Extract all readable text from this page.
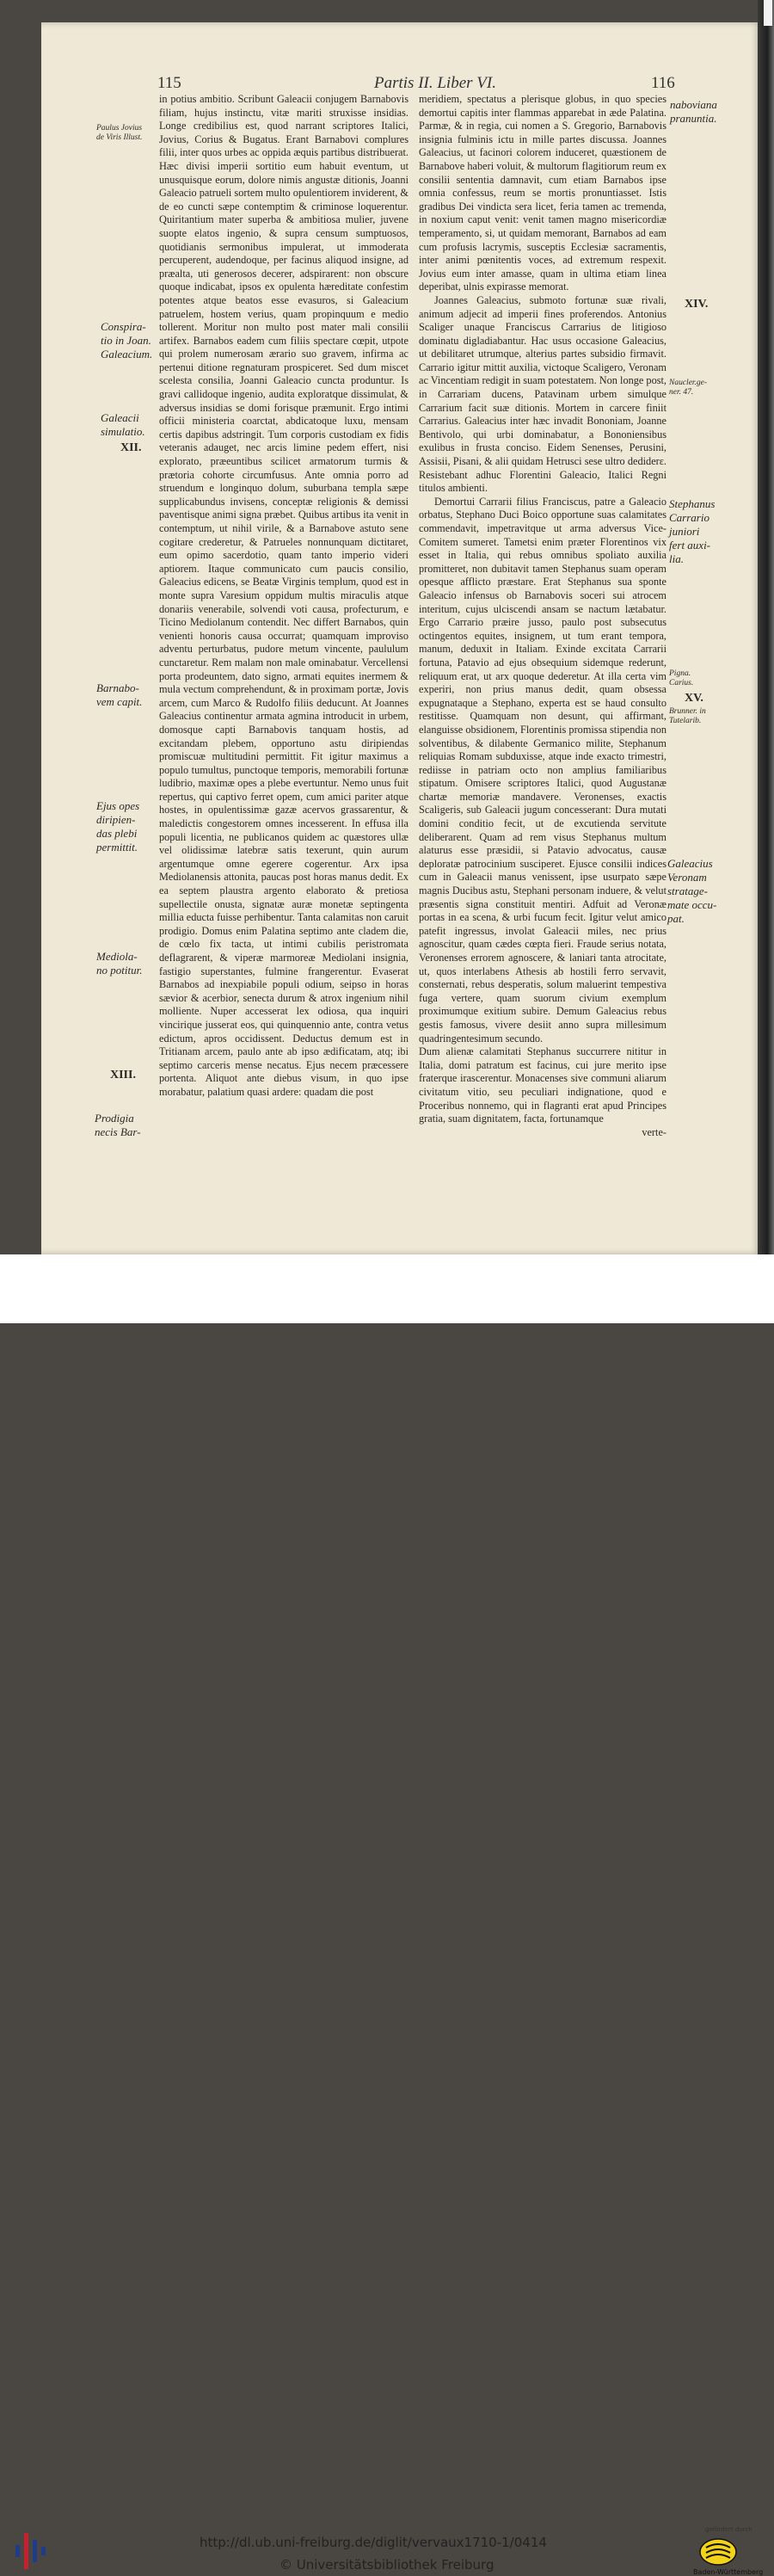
115	Partis II. Liber VI.	116

in potius ambitio. Scribunt Galeacii conjugem Barnabovis filiam, hujus instinctu, vitæ mariti struxisse insidias. Longe credibilius est, quod narrant scriptores Italici, Jovius, Corius & Bugatus. Erant Barnabovi complures filii, inter quos urbes ac oppida æquis partibus distribuerat. Hæc divisi imperii sortitio eum habuit eventum, ut unusquisque eorum, dolore nimis angustæ ditionis, Joanni Galeacio patrueli sortem multo opulentiorem inviderent, & de eo cuncti sæpe contemptim & criminose loquerentur. Quiritantium mater superba & ambitiosa mulier, juvene suopte elatos ingenio, & supra censum sumptuosos, quotidianis sermonibus impulerat, ut immoderata percuperent, audendoque, per facinus aliquod insigne, ad præalta, uti generosos decerer, adspirarent: non obscure quoque indicabat, ipsos ex opulenta hæreditate confestim potentes atque beatos esse evasuros, si Galeacium patruelem, hostem verius, quam propinquum e medio tollerent. Moritur non multo post mater mali consilii artifex. Barnabos eadem cum filiis spectare cœpit, utpote qui prolem numerosam ærario suo gravem, infirma ac pertenui ditione regnaturam prospiceret. Sed dum miscet scelesta consilia, Joanni Galeacio cuncta produntur. Is gravi callidoque ingenio, audita exploratque dissimulat, & adversus insidias se domi forisque præmunit. Ergo intimi officii ministeria coarctat, abdicatoque luxu, mensam certis dapibus adstringit. Tum corporis custodiam ex fidis veteranis adauget, nec arcis limine pedem effert, nisi explorato, præeuntibus scilicet armatorum turmis & prætoria cohorte circumfusus. Ante omnia porro ad struendum e longinquo dolum, suburbana templa sæpe supplicabundus invisens, conceptæ religionis & demissi paventisque animi signa præbet. Quibus artibus ita venit in contemptum, ut nihil virile, & a Barnabove astuto sene cogitare crederetur, & Patrueles nonnunquam dictitaret, eum opimo sacerdotio, quam tanto imperio videri aptiorem. Itaque communicato cum paucis consilio, Galeacius edicens, se Beatæ Virginis templum, quod est in monte supra Varesium oppidum multis miraculis atque donariis venerabile, solvendi voti causa, profecturum, e Ticino Mediolanum contendit. Nec differt Barnabos, quin venienti honoris causa occurrat; quamquam improviso adventu perturbatus, pudore metum vincente, paululum cunctaretur. Rem malam non male ominabatur. Vercellensi porta prodeuntem, dato signo, armati equites inermem & mula vectum comprehendunt, & in proximam portæ, Jovis arcem, cum Marco & Rudolfo filiis deducunt. At Joannes Galeacius continentur armata agmina introducit in urbem, domosque capti Barnabovis tanquam hostis, ad excitandam plebem, opportuno astu diripiendas promiscuæ multitudini permittit. Fit igitur maximus a populo tumultus, punctoque temporis, memorabili fortunæ ludibrio, maximæ opes a plebe evertuntur. Nemo unus fuit repertus, qui captivo ferret opem, cum amici pariter atque hostes, in opulentissimæ gazæ acervos grassarentur, & maledictis congestorem omnes incesserent. In effusa illa populi licentia, ne publicanos quidem ac quæstores ullæ vel olidissimæ latebræ satis texerunt, quin aurum argentumque omne egerere cogerentur. Arx ipsa Mediolanensis attonita, paucas post horas manus dedit. Ex ea septem plaustra argento elaborato & pretiosa supellectile onusta, signatæ auræ monetæ septingenta millia educta fuisse perhibentur. Tanta calamitas non caruit prodigio. Domus enim Palatina septimo ante cladem die, de cœlo fix tacta, ut intimi cubilis peristromata deflagrarent, & viperæ marmoreæ Mediolani insignia, fastigio superstantes, fulmine frangerentur. Evaserat Barnabos ad inexpiabile populi odium, seipso in horas sævior & acerbior, senecta durum & atrox ingenium nihil molliente. Nuper accesserat lex odiosa, qua inquiri vincirique jusserat eos, qui quinquennio ante, contra vetus edictum, apros occidissent. Deductus demum est in Tritianam arcem, paulo ante ab ipso ædificatam, atq; ibi septimo carceris mense necatus. Ejus necem præcessere portenta. Aliquot ante diebus visum, in quo ipse morabatur, palatium quasi ardere: quadam die post

meridiem, spectatus a plerisque globus, in quo species demortui capitis inter flammas apparebat in æde Palatina. Parmæ, & in regia, cui nomen a S. Gregorio, Barnabovis insignia fulminis ictu in mille partes discussa. Joannes Galeacius, ut facinori colorem induceret, quæstionem de Barnabove haberi voluit, & multorum flagitiorum reum ex consilii sententia damnavit, cum etiam Barnabos ipse omnia confessus, reum se mortis pronuntiasset. Istis gradibus Dei vindicta sera licet, feria tamen ac tremenda, in noxium caput venit: venit tamen magno misericordiæ temperamento, si, ut quidam memorant, Barnabos ad eam cum profusis lacrymis, susceptis Ecclesiæ sacramentis, inter animi pœnitentis voces, ad extremum respexit. Jovius eum inter amasse, quam in ultima etiam linea deperibat, ulnis expirasse memorat.

Joannes Galeacius, submoto fortunæ suæ rivali, animum adjecit ad imperii fines proferendos. Antonius Scaliger unaque Franciscus Carrarius de litigioso dominatu digladiabantur. Hac usus occasione Galeacius, ut debilitaret utrumque, alterius partes subsidio firmavit. Carrario igitur mittit auxilia, victoque Scaligero, Veronam ac Vincentiam redigit in suam potestatem. Non longe post, in Carrariam ducens, Patavinam urbem simulque Carrarium facit suæ ditionis. Mortem in carcere finiit Carrarius. Galeacius inter hæc invadit Bononiam, Joanne Bentivolo, qui urbi dominabatur, a Bononiensibus exulibus in frusta conciso. Eidem Senenses, Perusini, Assisii, Pisani, & alii quidam Hetrusci sese ultro dediderε. Resistebant adhuc Florentini Galeacio, Italici Regni titulos ambienti.

Demortui Carrarii filius Franciscus, patre a Galeacio orbatus, Stephano Duci Boico opportune suas calamitates commendavit, impetravitque ut arma adversus Vice-Comitem sumeret. Tametsi enim præter Florentinos vix esset in Italia, qui rebus omnibus spoliato auxilia promitteret, non dubitavit tamen Stephanus suam operam opesque afflicto præstare. Erat Stephanus sua sponte Galeacio infensus ob Barnabovis soceri sui atrocem interitum, cujus ulciscendi ansam se nactum lætabatur. Ergo Carrario præire jusso, paulo post subsecutus octingentos equites, insignem, ut tum erant tempora, manum, deduxit in Italiam. Exinde excitata Carrarii fortuna, Patavio ad ejus obsequium sidemque rederunt, reliquum erat, ut arx quoque dederetur. At illa certa vim experiri, non prius manus dedit, quam obsessa expugnataque a Stephano, experta est se haud consulto restitisse. Quamquam non desunt, qui affirmant, elanguisse obsidionem, Florentinis promissa stipendia non solventibus, & dilabente Germanico milite, Stephanum reliquias Romam subduxisse, atque inde exacto trimestri, rediisse in patriam octo non amplius familiaribus stipatum. Omisere scriptores Italici, quod Augustanæ chartæ memoriæ mandavere. Veronenses, exactis Scaligeris, sub Galeacii jugum concesserant: Dura mutati domini conditio fecit, ut de excutienda servitute deliberarent. Quam ad rem visus Stephanus multum alaturus esse præsidii, si Patavio advocatus, causæ deploratæ patrocinium susciperet. Ejusce consilii indices cum in Galeacii manus venissent, ipse usurpato sæpe magnis Ducibus astu, Stephani personam induere, & velut præsentis signa constituit mentiri. Adfuit ad Veronæ portas in ea scena, & urbi fucum fecit. Igitur velut amico patefit ingressus, involat Galeacii miles, nec prius agnoscitur, quam cædes cœpta fieri. Fraude serius notata, Veronenses errorem agnoscere, & laniari tanta atrocitate, ut, quos interlabens Athesis ab hostili ferro servavit, consternati, rebus desperatis, solum maluerint tempestiva fuga vertere, quam suorum civium exemplum proximumque exitium subire. Demum Galeacius rebus gestis famosus, vivere desiit anno supra millesimum quadringentesimum secundo.

Dum alienæ calamitati Stephanus succurrere nititur in Italia, domi patratum est facinus, cui jure merito ipse fraterque irascerentur. Monacenses sive communi aliarum civitatum vitio, seu peculiari indignatione, quod e Proceribus nonnemo, qui in flagranti erat apud Principes gratia, suam dignitatem, facta, fortunamque

verte-

Paulus Jovius
de Viris Illust.
Conspira-
tio in Joan.
Galeacium.
Galeacii
simulatio.
XII.
Barnabo-
vem capit.
Ejus opes
diripien-
das plebi
permittit.
Mediola-
no potitur.
XIII.
Prodigia
necis Bar-
naboviana
pranuntia.
XIV.
Naucler.ge-
ner. 47.
Stephanus
Carrario
juniori
fert auxi-
lia.
Pigna.
Carius.
XV.
Brunner. in
Tutelarib.
Galeacius
Veronam
stratage-
mate occu-
pat.
http://dl.ub.uni-freiburg.de/diglit/vervaux1710-1/0414
© Universitätsbibliothek Freiburg
gefördert durch
Baden-Württemberg
